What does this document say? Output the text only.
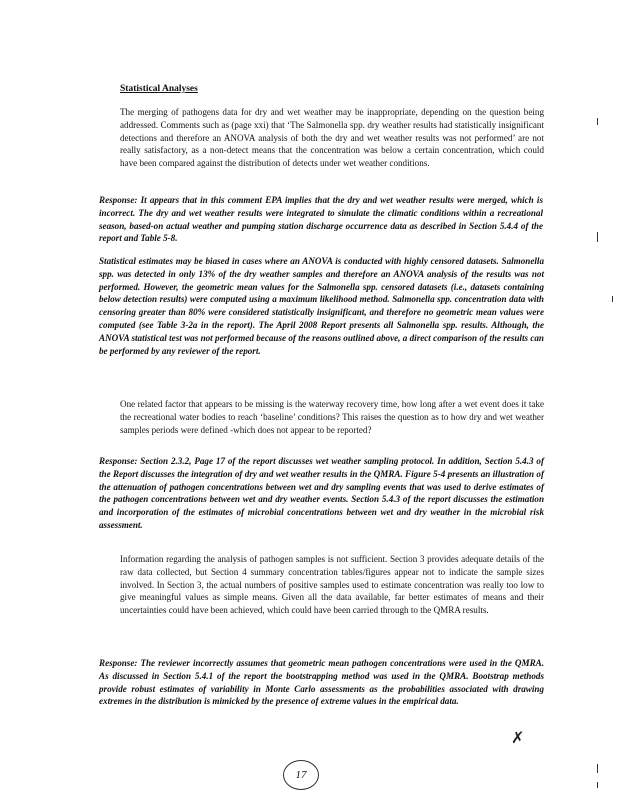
Statistical Analyses

The merging of pathogens data for dry and wet weather may be inappropriate, depending on the question being addressed. Comments such as (page xxi) that ‘The Salmonella spp. dry weather results had statistically insignificant detections and therefore an ANOVA analysis of both the dry and wet weather results was not performed’ are not really satisfactory, as a non-detect means that the concentration was below a certain concentration, which could have been compared against the distribution of detects under wet weather conditions.

Response: It appears that in this comment EPA implies that the dry and wet weather results were merged, which is incorrect. The dry and wet weather results were integrated to simulate the climatic conditions within a recreational season, based-on actual weather and pumping station discharge occurrence data as described in Section 5.4.4 of the report and Table 5-8.

Statistical estimates may be biased in cases where an ANOVA is conducted with highly censored datasets. Salmonella spp. was detected in only 13% of the dry weather samples and therefore an ANOVA analysis of the results was not performed. However, the geometric mean values for the Salmonella spp. censored datasets (i.e., datasets containing below detection results) were computed using a maximum likelihood method. Salmonella spp. concentration data with censoring greater than 80% were considered statistically insignificant, and therefore no geometric mean values were computed (see Table 3-2a in the report). The April 2008 Report presents all Salmonella spp. results. Although, the ANOVA statistical test was not performed because of the reasons outlined above, a direct comparison of the results can be performed by any reviewer of the report.

One related factor that appears to be missing is the waterway recovery time, how long after a wet event does it take the recreational water bodies to reach ‘baseline’ conditions? This raises the question as to how dry and wet weather samples periods were defined -which does not appear to be reported?

Response: Section 2.3.2, Page 17 of the report discusses wet weather sampling protocol. In addition, Section 5.4.3 of the Report discusses the integration of dry and wet weather results in the QMRA. Figure 5-4 presents an illustration of the attenuation of pathogen concentrations between wet and dry sampling events that was used to derive estimates of the pathogen concentrations between wet and dry weather events. Section 5.4.3 of the report discusses the estimation and incorporation of the estimates of microbial concentrations between wet and dry weather in the microbial risk assessment.

Information regarding the analysis of pathogen samples is not sufficient. Section 3 provides adequate details of the raw data collected, but Section 4 summary concentration tables/figures appear not to indicate the sample sizes involved. In Section 3, the actual numbers of positive samples used to estimate concentration was really too low to give meaningful values as simple means. Given all the data available, far better estimates of means and their uncertainties could have been achieved, which could have been carried through to the QMRA results.

Response: The reviewer incorrectly assumes that geometric mean pathogen concentrations were used in the QMRA. As discussed in Section 5.4.1 of the report the bootstrapping method was used in the QMRA. Bootstrap methods provide robust estimates of variability in Monte Carlo assessments as the probabilities associated with drawing extremes in the distribution is mimicked by the presence of extreme values in the empirical data.

✗
17
